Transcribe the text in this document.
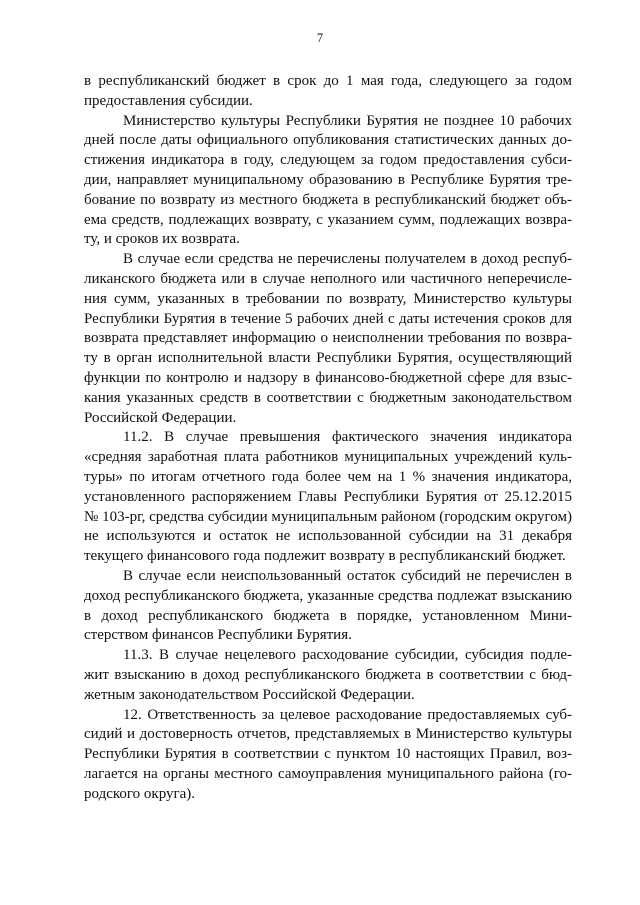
7

в республиканский бюджет в срок до 1 мая года, следующего за годом предоставления субсидии.

Министерство культуры Республики Бурятия не позднее 10 рабочих дней после даты официального опубликования статистических данных достижения индикатора в году, следующем за годом предоставления субсидии, направляет муниципальному образованию в Республике Бурятия требование по возврату из местного бюджета в республиканский бюджет объема средств, подлежащих возврату, с указанием сумм, подлежащих возврату, и сроков их возврата.

В случае если средства не перечислены получателем в доход республиканского бюджета или в случае неполного или частичного неперечисления сумм, указанных в требовании по возврату, Министерство культуры Республики Бурятия в течение 5 рабочих дней с даты истечения сроков для возврата представляет информацию о неисполнении требования по возврату в орган исполнительной власти Республики Бурятия, осуществляющий функции по контролю и надзору в финансово-бюджетной сфере для взыскания указанных средств в соответствии с бюджетным законодательством Российской Федерации.

11.2. В случае превышения фактического значения индикатора «средняя заработная плата работников муниципальных учреждений культуры» по итогам отчетного года более чем на 1 % значения индикатора, установленного распоряжением Главы Республики Бурятия от 25.12.2015 № 103-рг, средства субсидии муниципальным районом (городским округом) не используются и остаток не использованной субсидии на 31 декабря текущего финансового года подлежит возврату в республиканский бюджет.

В случае если неиспользованный остаток субсидий не перечислен в доход республиканского бюджета, указанные средства подлежат взысканию в доход республиканского бюджета в порядке, установленном Министерством финансов Республики Бурятия.

11.3. В случае нецелевого расходование субсидии, субсидия подлежит взысканию в доход республиканского бюджета в соответствии с бюджетным законодательством Российской Федерации.

12. Ответственность за целевое расходование предоставляемых субсидий и достоверность отчетов, представляемых в Министерство культуры Республики Бурятия в соответствии с пунктом 10 настоящих Правил, возлагается на органы местного самоуправления муниципального района (городского округа).
